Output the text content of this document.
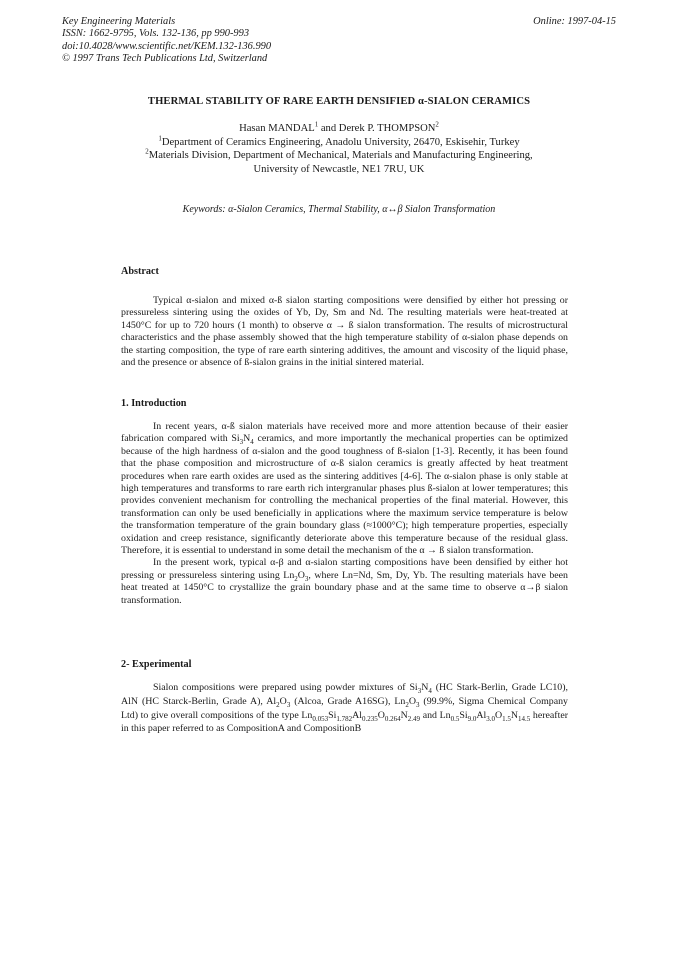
Key Engineering Materials
ISSN: 1662-9795, Vols. 132-136, pp 990-993
doi:10.4028/www.scientific.net/KEM.132-136.990
© 1997 Trans Tech Publications Ltd, Switzerland
Online: 1997-04-15
THERMAL STABILITY OF RARE EARTH DENSIFIED α-SIALON CERAMICS
Hasan MANDAL$^1$ and Derek P. THOMPSON$^2$
$^1$Department of Ceramics Engineering, Anadolu University, 26470, Eskisehir, Turkey
$^2$Materials Division, Department of Mechanical, Materials and Manufacturing Engineering,
University of Newcastle, NE1 7RU, UK
Keywords: α-Sialon Ceramics, Thermal Stability, α↔β Sialon Transformation
Abstract

Typical α-sialon and mixed α-ß sialon starting compositions were densified by either hot pressing or pressureless sintering using the oxides of Yb, Dy, Sm and Nd. The resulting materials were heat-treated at 1450°C for up to 720 hours (1 month) to observe α → ß sialon transformation. The results of microstructural characteristics and the phase assembly showed that the high temperature stability of α-sialon phase depends on the starting composition, the type of rare earth sintering additives, the amount and viscosity of the liquid phase, and the presence or absence of ß-sialon grains in the initial sintered material.

1. Introduction

In recent years, α-ß sialon materials have received more and more attention because of their easier fabrication compared with $Si_3N_4$ ceramics, and more importantly the mechanical properties can be optimized because of the high hardness of α-sialon and the good toughness of ß-sialon [1-3]. Recently, it has been found that the phase composition and microstructure of α-ß sialon ceramics is greatly affected by heat treatment procedures when rare earth oxides are used as the sintering additives [4-6]. The α-sialon phase is only stable at high temperatures and transforms to rare earth rich intergranular phases plus ß-sialon at lower temperatures; this provides convenient mechanism for controlling the mechanical properties of the final material. However, this transformation can only be used beneficially in applications where the maximum service temperature is below the transformation temperature of the grain boundary glass (≈1000°C); high temperature properties, especially oxidation and creep resistance, significantly deteriorate above this temperature because of the residual glass. Therefore, it is essential to understand in some detail the mechanism of the α → ß sialon transformation.

In the present work, typical α-β and α-sialon starting compositions have been densified by either hot pressing or pressureless sintering using $Ln_2O_3$, where Ln=Nd, Sm, Dy, Yb. The resulting materials have been heat treated at 1450°C to crystallize the grain boundary phase and at the same time to observe α→β sialon transformation.

2- Experimental

Sialon compositions were prepared using powder mixtures of $Si_3N_4$ (HC Stark-Berlin, Grade LC10), AlN (HC Starck-Berlin, Grade A), $Al_2O_3$ (Alcoa, Grade A16SG), $Ln_2O_3$ (99.9%, Sigma Chemical Company Ltd) to give overall compositions of the type $Ln_{0.053}Si_{1.782}Al_{0.235}O_{0.264}N_{2.49}$ and $Ln_{0.5}Si_{9.0}Al_{3.0}O_{1.5}N_{14.5}$ hereafter in this paper referred to as CompositionA and CompositionB
